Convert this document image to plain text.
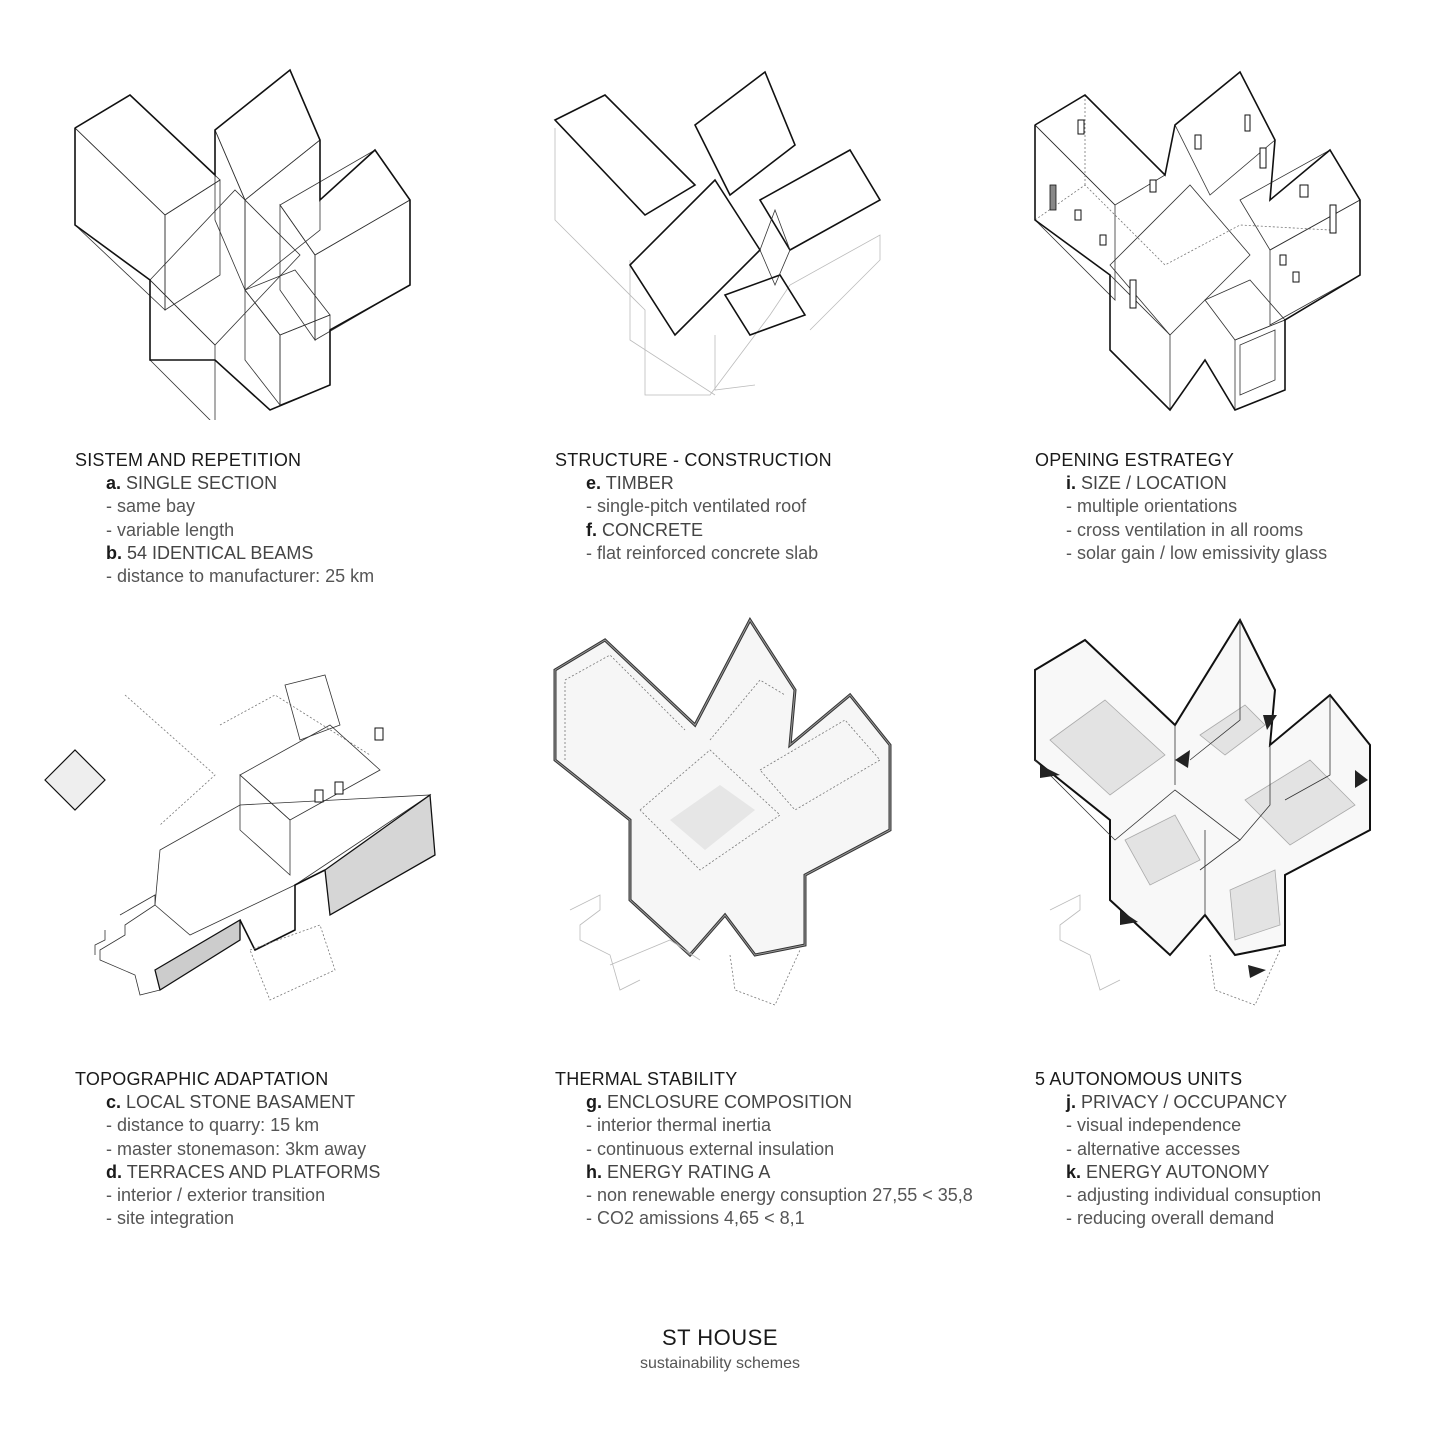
SISTEM AND REPETITION
a. SINGLE SECTION
- same bay
- variable length
b. 54 IDENTICAL BEAMS
- distance to manufacturer: 25 km
STRUCTURE - CONSTRUCTION
e. TIMBER
- single-pitch ventilated roof
f. CONCRETE
- flat reinforced concrete slab
OPENING ESTRATEGY
i. SIZE / LOCATION
- multiple orientations
- cross ventilation in all rooms
- solar gain / low emissivity glass
TOPOGRAPHIC ADAPTATION
c. LOCAL STONE BASAMENT
- distance to quarry: 15 km
- master stonemason: 3km away
d. TERRACES AND PLATFORMS
- interior / exterior transition
- site integration
THERMAL STABILITY
g. ENCLOSURE COMPOSITION
- interior thermal inertia
- continuous external insulation
h. ENERGY RATING A
- non renewable energy consuption 27,55 < 35,8
- CO2 amissions 4,65 < 8,1
5 AUTONOMOUS UNITS
j. PRIVACY / OCCUPANCY
- visual independence
- alternative accesses
k. ENERGY AUTONOMY
- adjusting individual consuption
- reducing overall demand
ST HOUSE
sustainability schemes
